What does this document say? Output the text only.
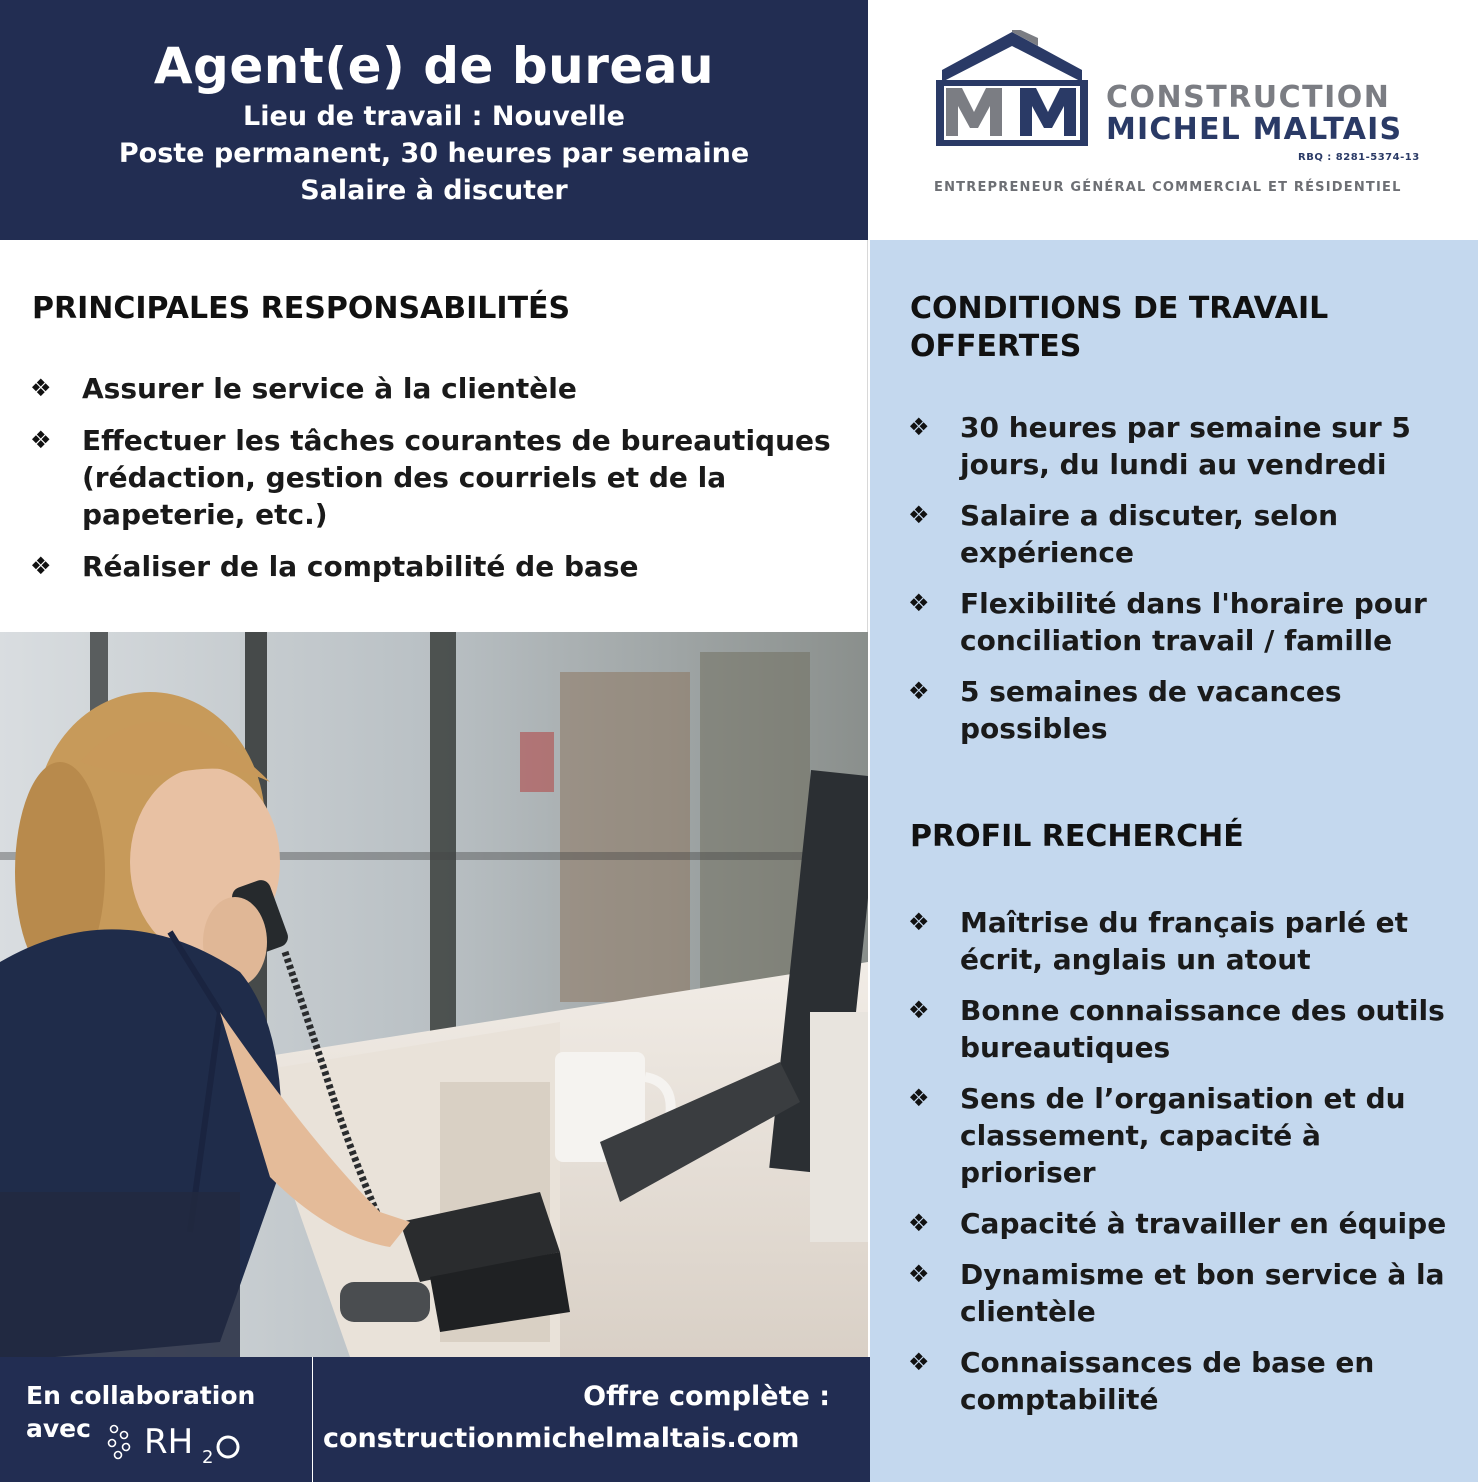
Agent(e) de bureau
Lieu de travail : Nouvelle
Poste permanent, 30 heures par semaine
Salaire à discuter
CONSTRUCTION
MICHEL MALTAIS
RBQ : 8281-5374-13
ENTREPRENEUR GÉNÉRAL COMMERCIAL ET RÉSIDENTIEL
PRINCIPALES RESPONSABILITÉS
❖ Assurer le service à la clientèle
❖ Effectuer les tâches courantes de bureautiques (rédaction, gestion des courriels et de la papeterie, etc.)
❖ Réaliser de la comptabilité de base
CONDITIONS DE TRAVAIL OFFERTES
❖ 30 heures par semaine sur 5 jours, du lundi au vendredi
❖ Salaire a discuter, selon expérience
❖ Flexibilité dans l'horaire pour conciliation travail / famille
❖ 5 semaines de vacances possibles
PROFIL RECHERCHÉ
❖ Maîtrise du français parlé et écrit, anglais un atout
❖ Bonne connaissance des outils bureautiques
❖ Sens de l’organisation et du classement, capacité à prioriser
❖ Capacité à travailler en équipe
❖ Dynamisme et bon service à la clientèle
❖ Connaissances de base en comptabilité
En collaboration
avec	RH 2
Offre complète :
constructionmichelmaltais.com
